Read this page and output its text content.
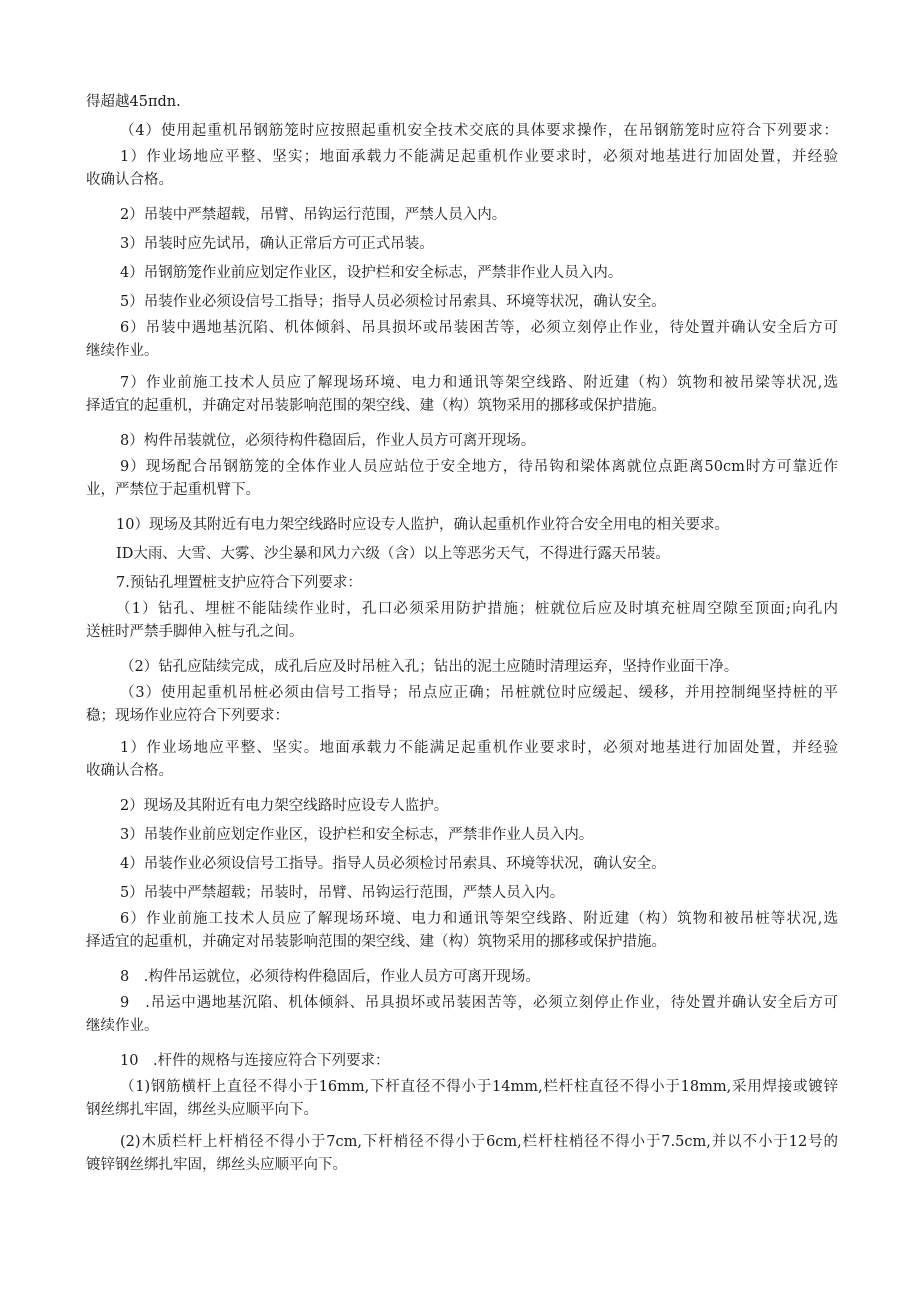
得超越45πdn.
（4）使用起重机吊钢筋笼时应按照起重机安全技术交底的具体要求操作，在吊钢筋笼时应符合下列要求：
1）作业场地应平整、坚实；地面承载力不能满足起重机作业要求时，必须对地基进行加固处置，并经验
收确认合格。
2）吊装中严禁超载，吊臂、吊钩运行范围，严禁人员入内。
3）吊装时应先试吊，确认正常后方可正式吊装。
4）吊钢筋笼作业前应划定作业区，设护栏和安全标志，严禁非作业人员入内。
5）吊装作业必须设信号工指导；指导人员必须检讨吊索具、环境等状况，确认安全。
6）吊装中遇地基沉陷、机体倾斜、吊具损坏或吊装困苦等，必须立刻停止作业，待处置并确认安全后方可
继续作业。
7）作业前施工技术人员应了解现场环境、电力和通讯等架空线路、附近建（构）筑物和被吊梁等状况,选
择适宜的起重机，并确定对吊装影响范围的架空线、建（构）筑物采用的挪移或保护措施。
8）构件吊装就位，必须待构件稳固后，作业人员方可离开现场。
9）现场配合吊钢筋笼的全体作业人员应站位于安全地方，待吊钩和梁体离就位点距离50cm时方可靠近作
业，严禁位于起重机臂下。
10）现场及其附近有电力架空线路时应设专人监护，确认起重机作业符合安全用电的相关要求。
ID大雨、大雪、大雾、沙尘暴和风力六级（含）以上等恶劣天气，不得进行露天吊装。
7.预钻孔埋置桩支护应符合下列要求：
（1）钻孔、埋桩不能陆续作业时，孔口必须采用防护措施；桩就位后应及时填充桩周空隙至顶面;向孔内
送桩时严禁手脚伸入桩与孔之间。
（2）钻孔应陆续完成，成孔后应及时吊桩入孔；钻出的泥土应随时清理运弃，坚持作业面干净。
（3）使用起重机吊桩必须由信号工指导；吊点应正确；吊桩就位时应缓起、缓移，并用控制绳坚持桩的平
稳；现场作业应符合下列要求：
1）作业场地应平整、坚实。地面承载力不能满足起重机作业要求时，必须对地基进行加固处置，并经验
收确认合格。
2）现场及其附近有电力架空线路时应设专人监护。
3）吊装作业前应划定作业区，设护栏和安全标志，严禁非作业人员入内。
4）吊装作业必须设信号工指导。指导人员必须检讨吊索具、环境等状况，确认安全。
5）吊装中严禁超载；吊装时，吊臂、吊钩运行范围，严禁人员入内。
6）作业前施工技术人员应了解现场环境、电力和通讯等架空线路、附近建（构）筑物和被吊桩等状况,选
择适宜的起重机，并确定对吊装影响范围的架空线、建（构）筑物采用的挪移或保护措施。
8　.构件吊运就位，必须待构件稳固后，作业人员方可离开现场。
9　.吊运中遇地基沉陷、机体倾斜、吊具损坏或吊装困苦等，必须立刻停止作业，待处置并确认安全后方可
继续作业。
10　.杆件的规格与连接应符合下列要求：
（1)钢筋横杆上直径不得小于16mm,下杆直径不得小于14mm,栏杆柱直径不得小于18mm,采用焊接或镀锌
钢丝绑扎牢固，绑丝头应顺平向下。
(2)木质栏杆上杆梢径不得小于7cm,下杆梢径不得小于6cm,栏杆柱梢径不得小于7.5cm,并以不小于12号的
镀锌钢丝绑扎牢固，绑丝头应顺平向下。
